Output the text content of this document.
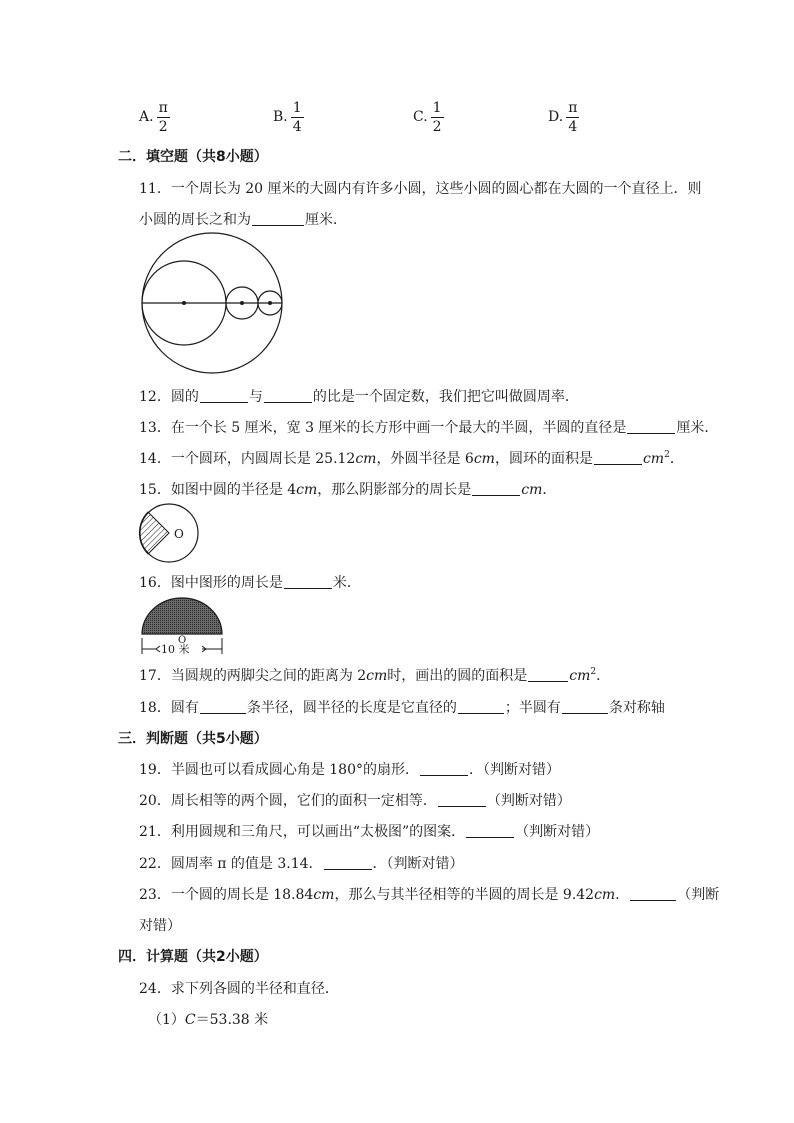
A. $\frac{\pi}{2}$	B. $\frac{1}{4}$	C. $\frac{1}{2}$	D. $\frac{\pi}{4}$
二．填空题（共8小题）
11．一个周长为 20 厘米的大圆内有许多小圆，这些小圆的圆心都在大圆的一个直径上．则
小圆的周长之和为	厘米．
12．圆的	与	的比是一个固定数，我们把它叫做圆周率．
13．在一个长 5 厘米，宽 3 厘米的长方形中画一个最大的半圆，半圆的直径是	厘米．
14．一个圆环，内圆周长是 25.12cm，外圆半径是 6cm，圆环的面积是	$cm^2$．
15．如图中圆的半径是 4cm，那么阴影部分的周长是	cm．
O
16．图中图形的周长是	米．
O
10 米
17．当圆规的两脚尖之间的距离为 2cm时，画出的圆的面积是	$cm^2$．
18．圆有	条半径，圆半径的长度是它直径的	；半圆有	条对称轴
三．判断题（共5小题）
19．半圆也可以看成圆心角是 180°的扇形．	．（判断对错）
20．周长相等的两个圆，它们的面积一定相等．	（判断对错）
21．利用圆规和三角尺，可以画出“太极图”的图案．	（判断对错）
22．圆周率 π 的值是 3.14．	．（判断对错）
23．一个圆的周长是 18.84cm，那么与其半径相等的半圆的周长是 9.42cm．	（判断
对错）
四．计算题（共2小题）
24．求下列各圆的半径和直径．
（1）C＝53.38 米
